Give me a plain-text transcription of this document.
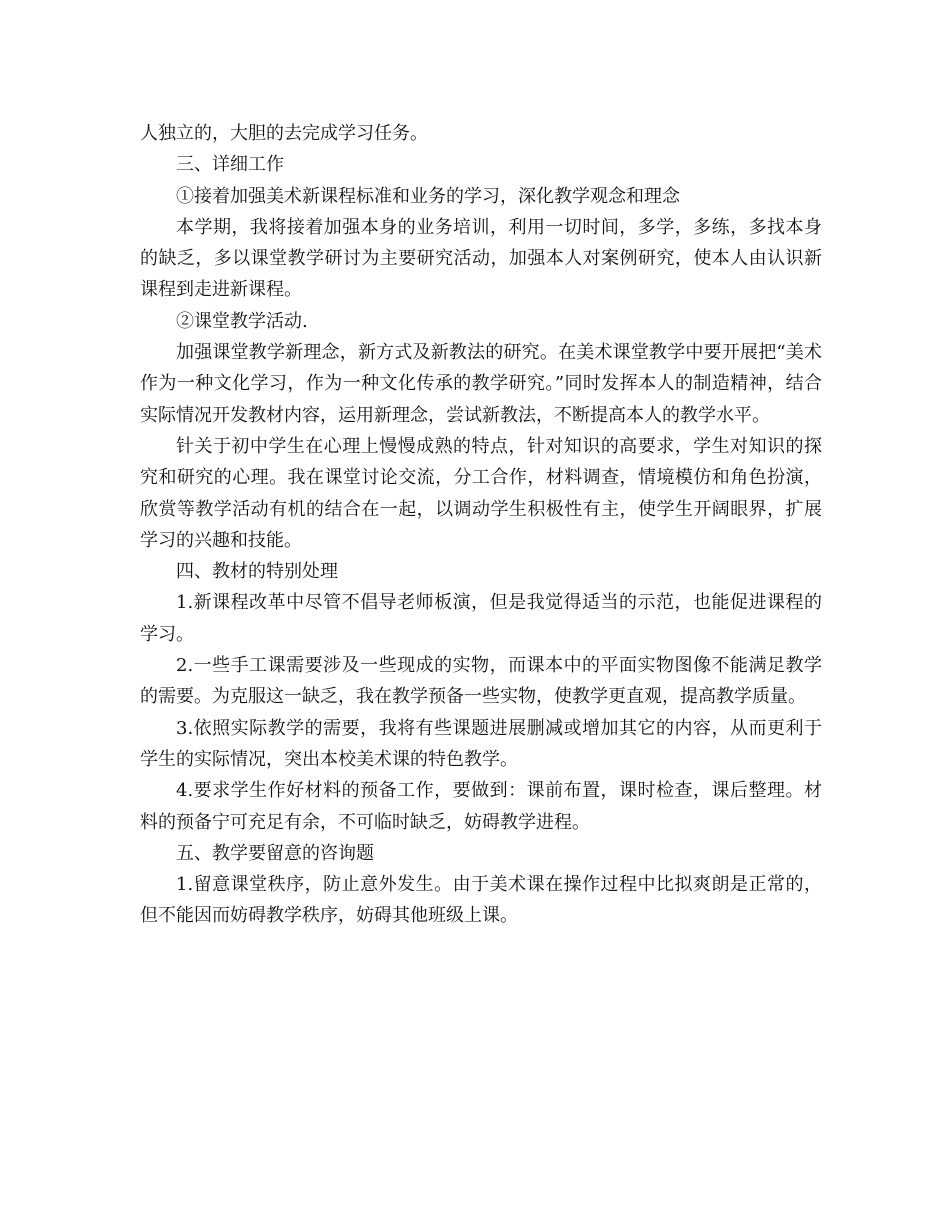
人独立的，大胆的去完成学习任务。

三、详细工作

①接着加强美术新课程标准和业务的学习，深化教学观念和理念

本学期，我将接着加强本身的业务培训，利用一切时间，多学，多练，多找本身的缺乏，多以课堂教学研讨为主要研究活动，加强本人对案例研究，使本人由认识新课程到走进新课程。

②课堂教学活动.

加强课堂教学新理念，新方式及新教法的研究。在美术课堂教学中要开展把“美术作为一种文化学习，作为一种文化传承的教学研究。”同时发挥本人的制造精神，结合实际情况开发教材内容，运用新理念，尝试新教法，不断提高本人的教学水平。

针关于初中学生在心理上慢慢成熟的特点，针对知识的高要求，学生对知识的探究和研究的心理。我在课堂讨论交流，分工合作，材料调查，情境模仿和角色扮演，欣赏等教学活动有机的结合在一起，以调动学生积极性有主，使学生开阔眼界，扩展学习的兴趣和技能。

四、教材的特别处理

1.新课程改革中尽管不倡导老师板演，但是我觉得适当的示范，也能促进课程的学习。

2.一些手工课需要涉及一些现成的实物，而课本中的平面实物图像不能满足教学的需要。为克服这一缺乏，我在教学预备一些实物，使教学更直观，提高教学质量。

3.依照实际教学的需要，我将有些课题进展删减或增加其它的内容，从而更利于学生的实际情况，突出本校美术课的特色教学。

4.要求学生作好材料的预备工作，要做到：课前布置，课时检查，课后整理。材料的预备宁可充足有余，不可临时缺乏，妨碍教学进程。

五、教学要留意的咨询题

1.留意课堂秩序，防止意外发生。由于美术课在操作过程中比拟爽朗是正常的，但不能因而妨碍教学秩序，妨碍其他班级上课。
